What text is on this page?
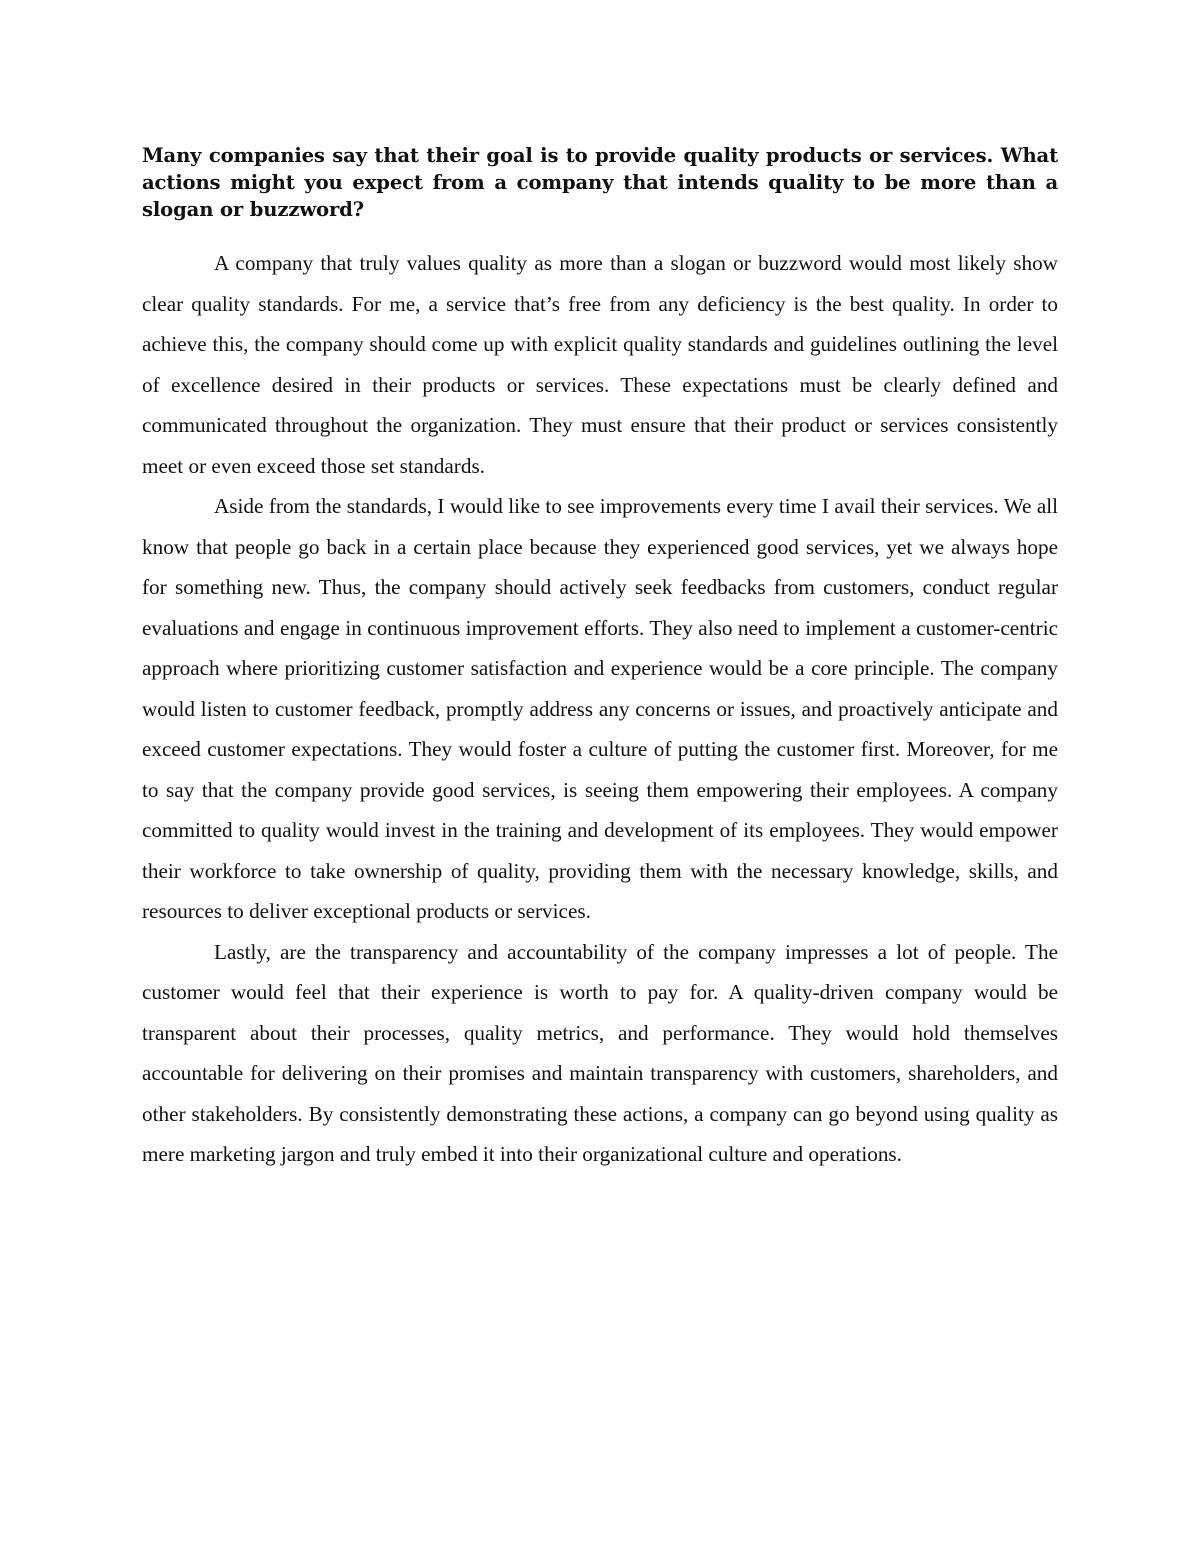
Many companies say that their goal is to provide quality products or services. What actions might you expect from a company that intends quality to be more than a slogan or buzzword?

A company that truly values quality as more than a slogan or buzzword would most likely show clear quality standards. For me, a service that’s free from any deficiency is the best quality. In order to achieve this, the company should come up with explicit quality standards and guidelines outlining the level of excellence desired in their products or services. These expectations must be clearly defined and communicated throughout the organization. They must ensure that their product or services consistently meet or even exceed those set standards.

Aside from the standards, I would like to see improvements every time I avail their services. We all know that people go back in a certain place because they experienced good services, yet we always hope for something new. Thus, the company should actively seek feedbacks from customers, conduct regular evaluations and engage in continuous improvement efforts. They also need to implement a customer-centric approach where prioritizing customer satisfaction and experience would be a core principle. The company would listen to customer feedback, promptly address any concerns or issues, and proactively anticipate and exceed customer expectations. They would foster a culture of putting the customer first. Moreover, for me to say that the company provide good services, is seeing them empowering their employees. A company committed to quality would invest in the training and development of its employees. They would empower their workforce to take ownership of quality, providing them with the necessary knowledge, skills, and resources to deliver exceptional products or services.

Lastly, are the transparency and accountability of the company impresses a lot of people. The customer would feel that their experience is worth to pay for. A quality-driven company would be transparent about their processes, quality metrics, and performance. They would hold themselves accountable for delivering on their promises and maintain transparency with customers, shareholders, and other stakeholders. By consistently demonstrating these actions, a company can go beyond using quality as mere marketing jargon and truly embed it into their organizational culture and operations.
